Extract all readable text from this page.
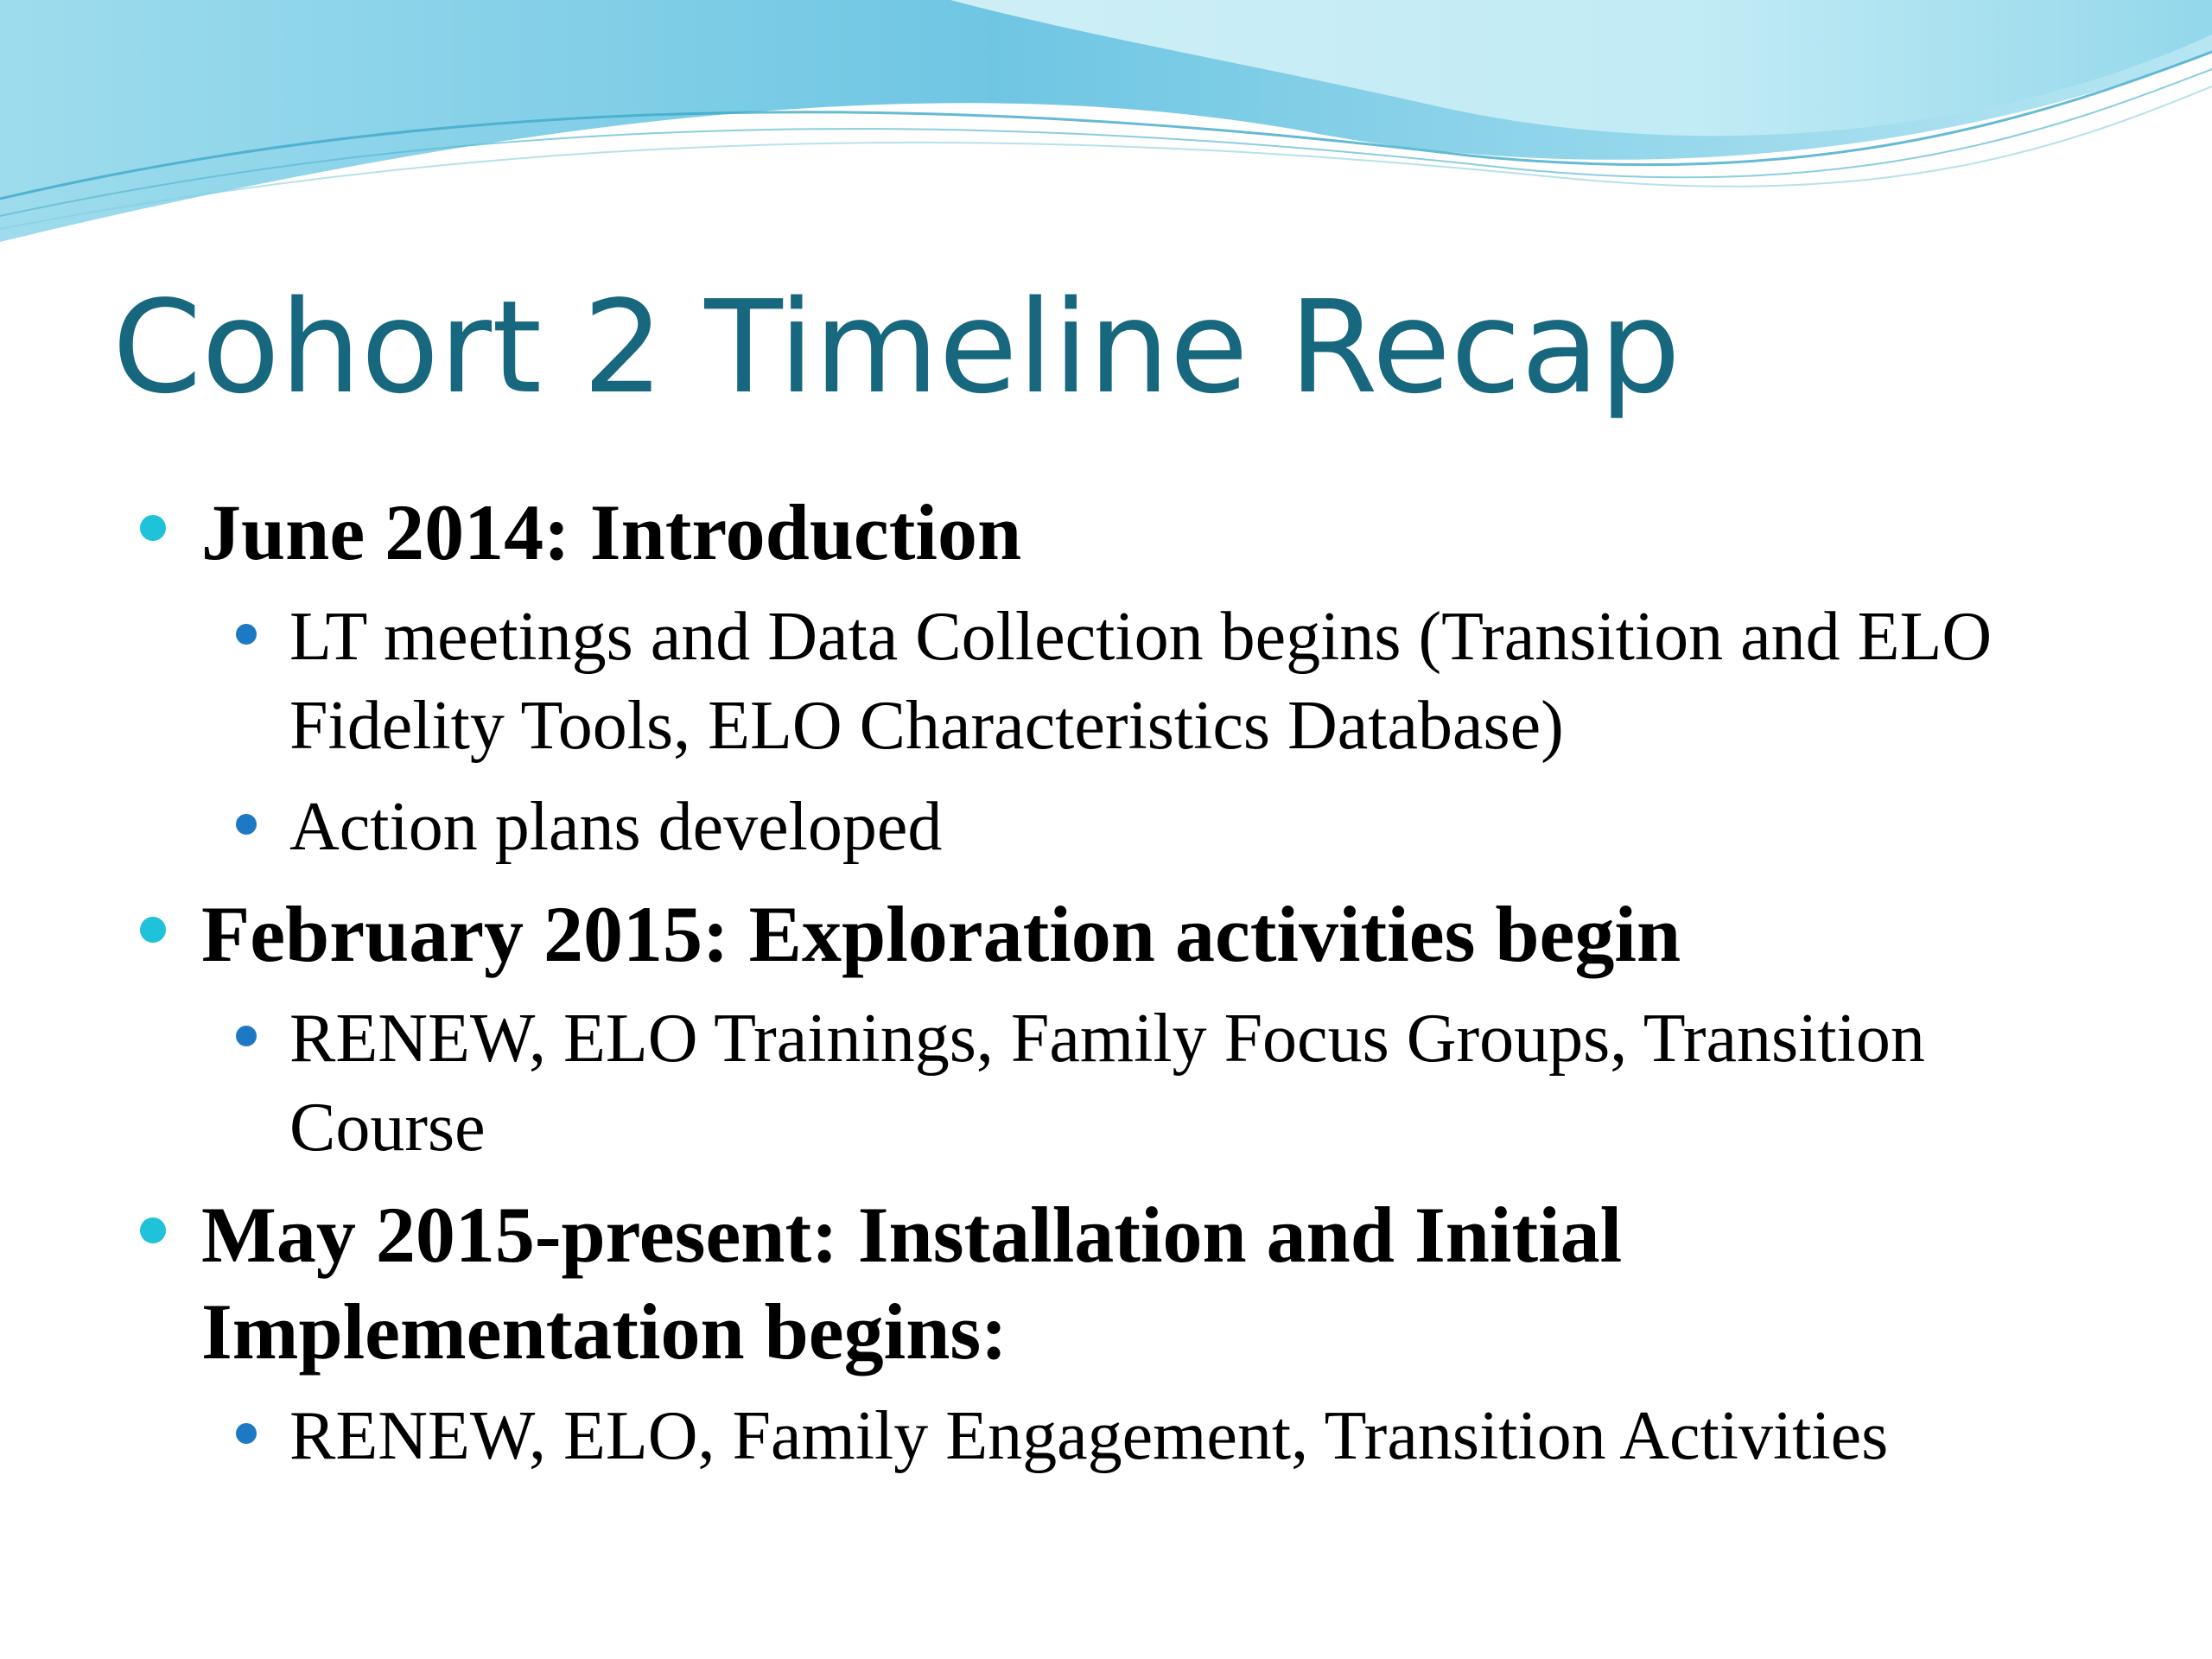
Cohort 2 Timeline Recap
June 2014: Introduction
LT meetings and Data Collection begins (Transition and ELO Fidelity Tools, ELO Characteristics Database)
Action plans developed
February 2015: Exploration activities begin
RENEW, ELO Trainings, Family Focus Groups, Transition Course
May 2015-present: Installation and Initial Implementation begins:
RENEW, ELO, Family Engagement, Transition Activities
